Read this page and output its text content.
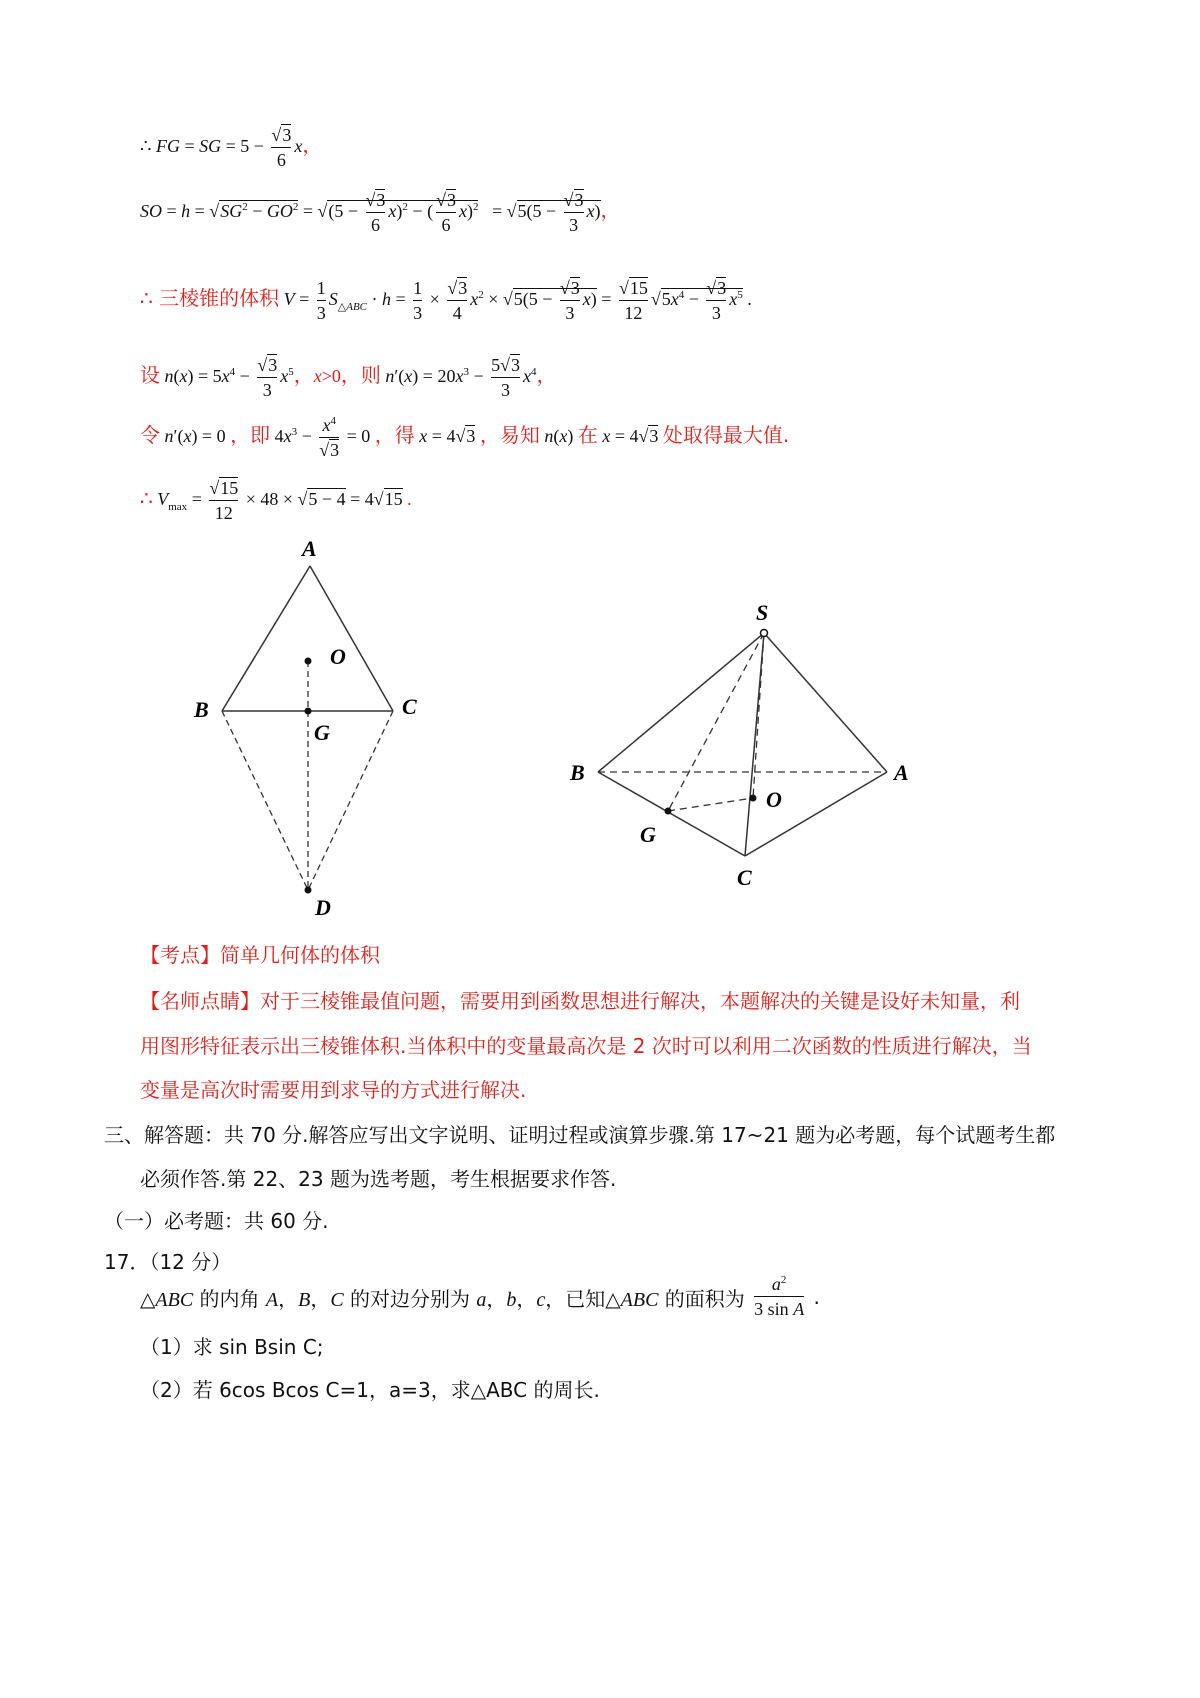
∴ FG = SG = $5 - \frac{√3}{6}$ x，
SO = $h = √SG^2 - GO^2 = √(5 - \frac{√3}{6} x)^2$ − ( $\frac{√3}{6} x)^2 = √5(5 - \frac{√3}{3} x)$，
∴ 三棱锥的体积 $V = \frac{1}{3} S_{\triangle ABC} \cdot h = \frac{1}{3} \times \frac{√3}{4} x^2 \times √5(5 - \frac{√3}{3} x) = \frac{√15}{12} √5x^4 - \frac{√3}{3} x^5$ .
设 $n(x) = 5x^4 - \frac{√3}{3} x^5$，x>0，则 $n'(x) = 20x^3 - \frac{5√3}{3} x^4$，
令 n′(x) = 0 ，即 $4x^3 - \frac{x^4}{√3} = 0$ ，得 x = 4√3 ，易知 n(x) 在 x = 4√3 处取得最大值.
∴ $V_{max} = \frac{√15}{12} \times 48 \times √5 - 4 = 4√15$ .
A
O
B	C
G
D
S
B	A
O
G
C
【考点】简单几何体的体积
【名师点睛】对于三棱锥最值问题，需要用到函数思想进行解决，本题解决的关键是设好未知量，利
用图形特征表示出三棱锥体积.当体积中的变量最高次是 2 次时可以利用二次函数的性质进行解决，当
变量是高次时需要用到求导的方式进行解决.
三、解答题：共 70 分.解答应写出文字说明、证明过程或演算步骤.第 17~21 题为必考题，每个试题考生都
必须作答.第 22、23 题为选考题，考生根据要求作答.
（一）必考题：共 60 分.
17．（12 分）
△ABC 的内角 A，B，C 的对边分别为 a，b，c，已知△ABC 的面积为 $\frac{a^2}{\text{3 sin A}}$ .
（1）求 sin Bsin C;
（2）若 6cos Bcos C=1，a=3，求△ABC 的周长.
